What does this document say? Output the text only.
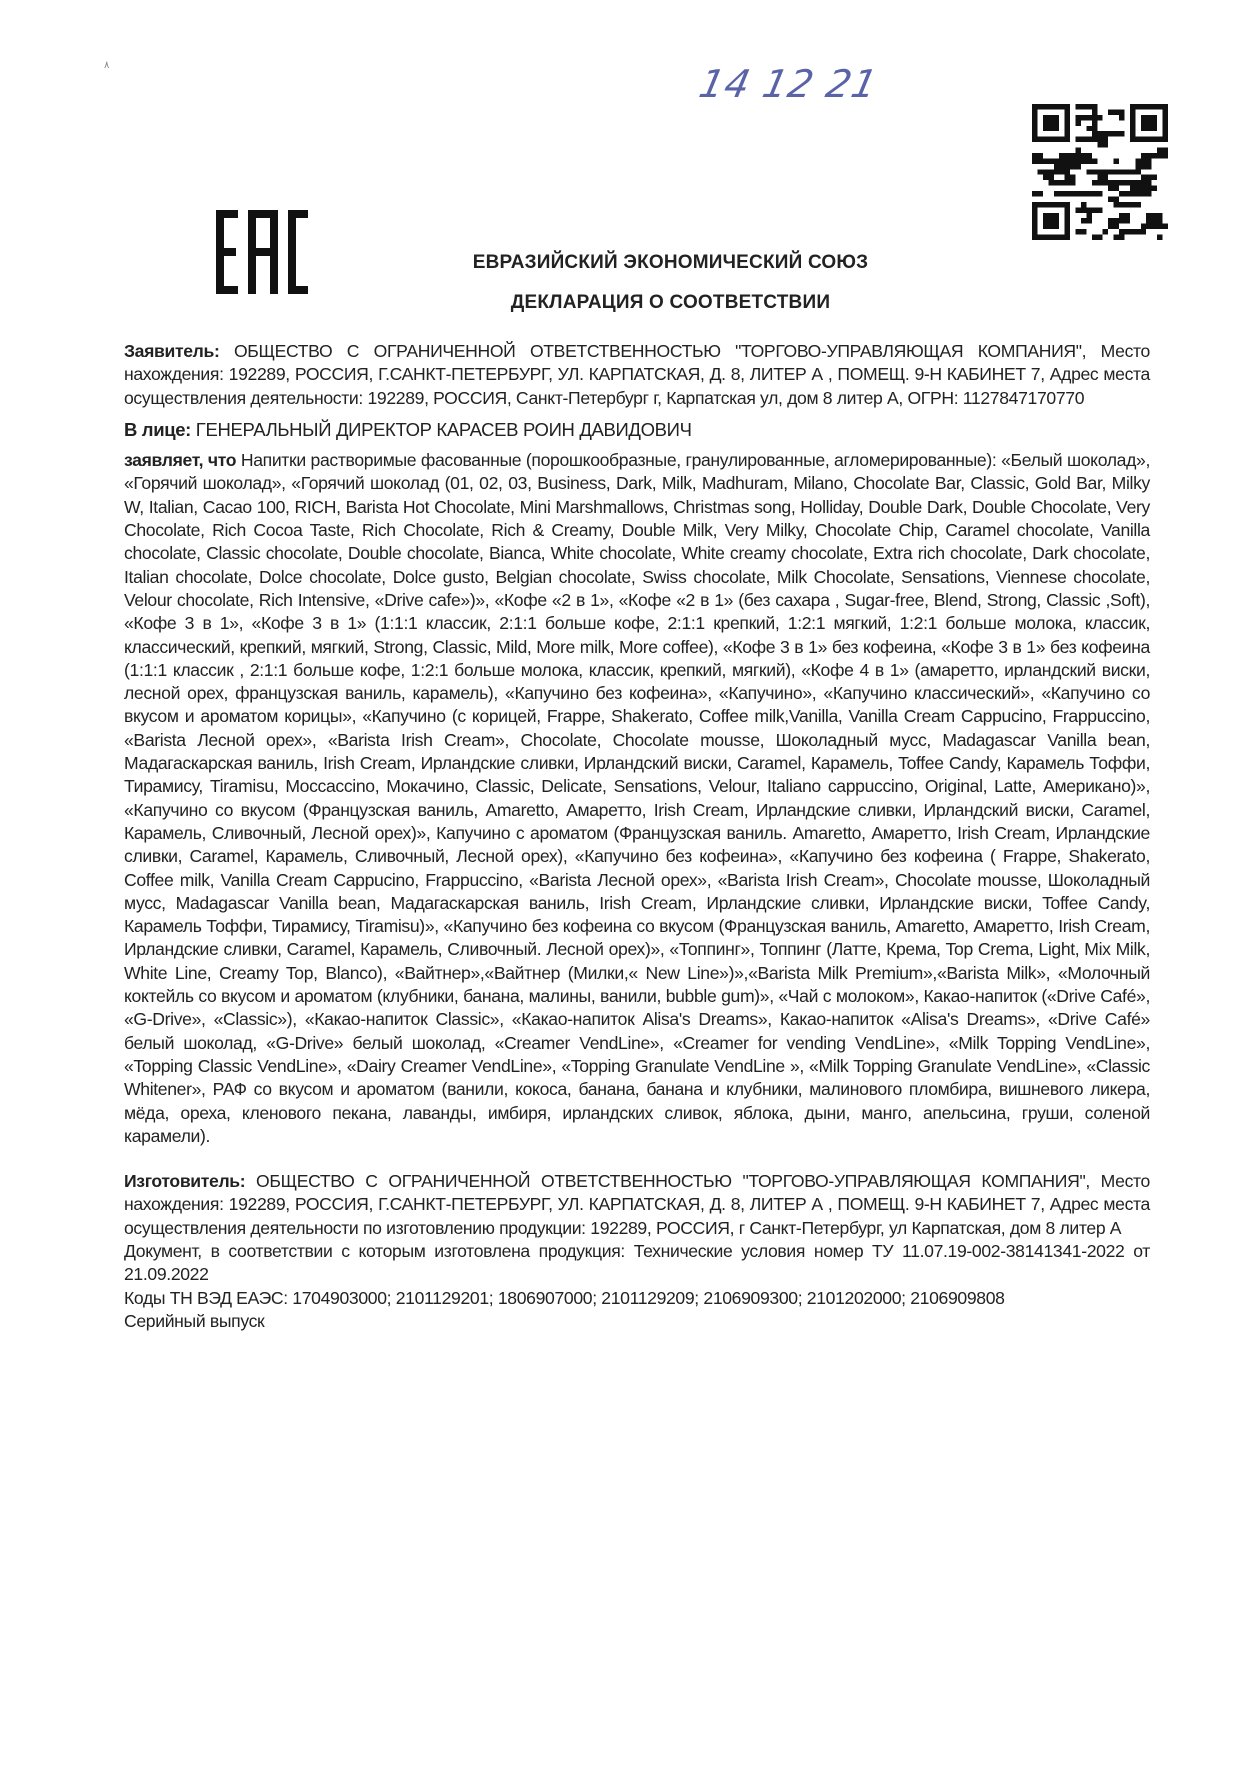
٨	14 12 21
ЕВРАЗИЙСКИЙ ЭКОНОМИЧЕСКИЙ СОЮЗ
ДЕКЛАРАЦИЯ О СООТВЕТСТВИИ

Заявитель: ОБЩЕСТВО С ОГРАНИЧЕННОЙ ОТВЕТСТВЕННОСТЬЮ "ТОРГОВО-УПРАВЛЯЮЩАЯ КОМПАНИЯ", Место нахождения: 192289, РОССИЯ, Г.САНКТ-ПЕТЕРБУРГ, УЛ. КАРПАТСКАЯ, Д. 8, ЛИТЕР А , ПОМЕЩ. 9-Н КАБИНЕТ 7, Адрес места осуществления деятельности: 192289, РОССИЯ, Санкт-Петербург г, Карпатская ул, дом 8 литер А, ОГРН: 1127847170770

В лице: ГЕНЕРАЛЬНЫЙ ДИРЕКТОР КАРАСЕВ РОИН ДАВИДОВИЧ

заявляет, что Напитки растворимые фасованные (порошкообразные, гранулированные, агломерированные): «Белый шоколад», «Горячий шоколад», «Горячий шоколад (01, 02, 03, Business, Dark, Milk, Madhuram, Milano, Chocolate Bar, Classic, Gold Bar, Milky W, Italian, Cacao 100, RICH, Barista Hot Chocolate, Mini Marshmallows, Christmas song, Holliday, Double Dark, Double Chocolate, Very Chocolate, Rich Cocoa Taste, Rich Chocolate, Rich & Creamy, Double Milk, Very Milky, Chocolate Chip, Caramel chocolate, Vanilla chocolate, Classic chocolate, Double chocolate, Bianca, White chocolate, White creamy chocolate, Extra rich chocolate, Dark chocolate, Italian chocolate, Dolce chocolate, Dolce gusto, Belgian chocolate, Swiss chocolate, Milk Chocolate, Sensations, Viennese chocolate, Velour chocolate, Rich Intensive, «Drive cafe»)», «Кофе «2 в 1», «Кофе «2 в 1» (без сахара , Sugar-free, Blend, Strong, Classic ,Soft), «Кофе 3 в 1», «Кофе 3 в 1» (1:1:1 классик, 2:1:1 больше кофе, 2:1:1 крепкий, 1:2:1 мягкий, 1:2:1 больше молока, классик, классический, крепкий, мягкий, Strong, Classic, Mild, More milk, More coffee), «Кофе 3 в 1» без кофеина, «Кофе 3 в 1» без кофеина (1:1:1 классик , 2:1:1 больше кофе, 1:2:1 больше молока, классик, крепкий, мягкий), «Кофе 4 в 1» (амаретто, ирландский виски, лесной орех, французская ваниль, карамель), «Капучино без кофеина», «Капучино», «Капучино классический», «Капучино со вкусом и ароматом корицы», «Капучино (с корицей, Frappe, Shakerato, Coffee milk,Vanilla, Vanilla Cream Cappucino, Frappuccino, «Barista Лесной орех», «Barista Irish Cream», Chocolate, Chocolate mousse, Шоколадный мусс, Madagascar Vanilla bean, Мадагаскарская ваниль, Irish Cream, Ирландские сливки, Ирландский виски, Caramel, Карамель, Toffee Candy, Карамель Тоффи, Тирамису, Tiramisu, Moccaccino, Мокачино, Classic, Delicate, Sensations, Velour, Italiano cappuccino, Original, Latte, Американо)», «Капучино со вкусом (Французская ваниль, Amaretto, Амаретто, Irish Cream, Ирландские сливки, Ирландский виски, Caramel, Карамель, Сливочный, Лесной орех)», Капучино с ароматом (Французская ваниль. Amaretto, Амаретто, Irish Cream, Ирландские сливки, Caramel, Карамель, Сливочный, Лесной орех), «Капучино без кофеина», «Капучино без кофеина ( Frappe, Shakerato, Coffee milk, Vanilla Cream Cappucino, Frappuccino, «Barista Лесной орех», «Barista Irish Cream», Chocolate mousse, Шоколадный мусс, Madagascar Vanilla bean, Мадагаскарская ваниль, Irish Cream, Ирландские сливки, Ирландские виски, Toffee Candy, Карамель Тоффи, Тирамису, Tiramisu)», «Капучино без кофеина со вкусом (Французская ваниль, Amaretto, Амаретто, Irish Cream, Ирландские сливки, Caramel, Карамель, Сливочный. Лесной орех)», «Топпинг», Топпинг (Латте, Крема, Top Crema, Light, Mix Milk, White Line, Creamy Top, Blanco), «Вайтнер»,«Вайтнер (Милки,« New Line»)»,«Barista Milk Premium»,«Barista Milk», «Молочный коктейль со вкусом и ароматом (клубники, банана, малины, ванили, bubble gum)», «Чай с молоком», Какао-напиток («Drive Café», «G-Drive», «Classic»), «Какао-напиток Classic», «Какао-напиток Alisa's Dreams», Какао-напиток «Alisa's Dreams», «Drive Café» белый шоколад, «G-Drive» белый шоколад, «Creamer VendLine», «Creamer for vending VendLine», «Milk Topping VendLine», «Topping Classic VendLine», «Dairy Creamer VendLine», «Topping Granulate VendLine », «Milk Topping Granulate VendLine», «Classic Whitener», РАФ со вкусом и ароматом (ванили, кокоса, банана, банана и клубники, малинового пломбира, вишневого ликера, мёда, ореха, кленового пекана, лаванды, имбиря, ирландских сливок, яблока, дыни, манго, апельсина, груши, соленой карамели).

Изготовитель: ОБЩЕСТВО С ОГРАНИЧЕННОЙ ОТВЕТСТВЕННОСТЬЮ "ТОРГОВО-УПРАВЛЯЮЩАЯ КОМПАНИЯ", Место нахождения: 192289, РОССИЯ, Г.САНКТ-ПЕТЕРБУРГ, УЛ. КАРПАТСКАЯ, Д. 8, ЛИТЕР А , ПОМЕЩ. 9-Н КАБИНЕТ 7, Адрес места осуществления деятельности по изготовлению продукции: 192289, РОССИЯ, г Санкт-Петербург, ул Карпатская, дом 8 литер А

Документ, в соответствии с которым изготовлена продукция: Технические условия номер ТУ 11.07.19-002-38141341-2022 от 21.09.2022

Коды ТН ВЭД ЕАЭС: 1704903000; 2101129201; 1806907000; 2101129209; 2106909300; 2101202000; 2106909808

Серийный выпуск
